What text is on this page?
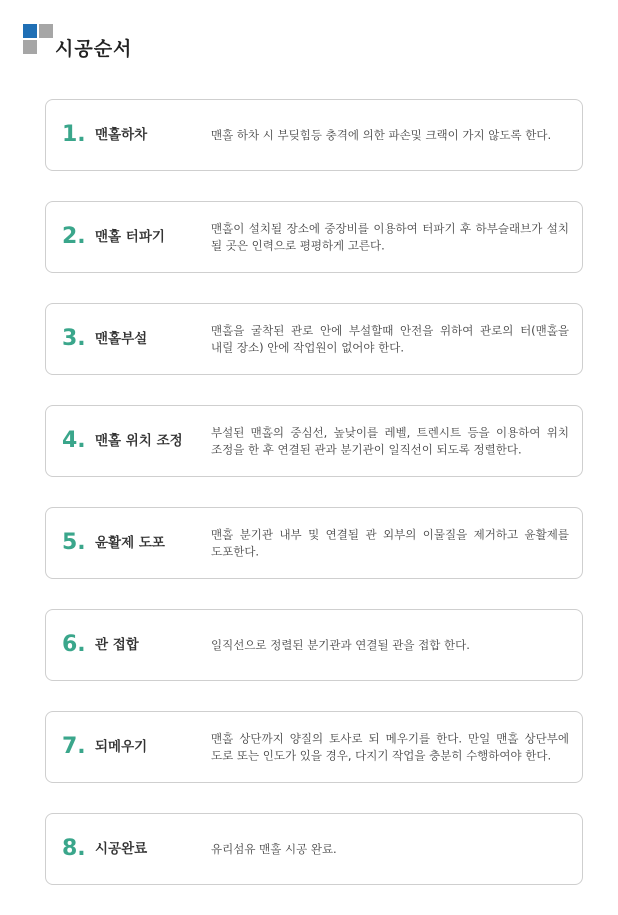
시공순서
1. 맨홀하차	맨홀 하차 시 부딪힘등 충격에 의한 파손및 크랙이 가지 않도록 한다.
2. 맨홀 터파기
맨홀이 설치될 장소에 중장비를 이용하여 터파기 후 하부슬래브가 설치 될 곳은 인력으로 평평하게 고른다.
3. 맨홀부설
맨홀을 굴착된 관로 안에 부설할때 안전을 위하여 관로의 터(맨홀을 내릴 장소) 안에 작업원이 없어야 한다.
4. 맨홀 위치 조정
부설된 맨홀의 중심선, 높낮이를 레벨, 트렌시트 등을 이용하여 위치 조정을 한 후 연결된 관과 분기관이 일직선이 되도록 정렬한다.
5. 윤활제 도포
맨홀 분기관 내부 및 연결될 관 외부의 이물질을 제거하고 윤활제를 도포한다.
6. 관 접합	일직선으로 정렬된 분기관과 연결될 관을 접합 한다.
7. 되메우기
맨홀 상단까지 양질의 토사로 되 메우기를 한다. 만일 맨홀 상단부에 도로 또는 인도가 있을 경우, 다지기 작업을 충분히 수행하여야 한다.
8. 시공완료	유리섬유 맨홀 시공 완료.
